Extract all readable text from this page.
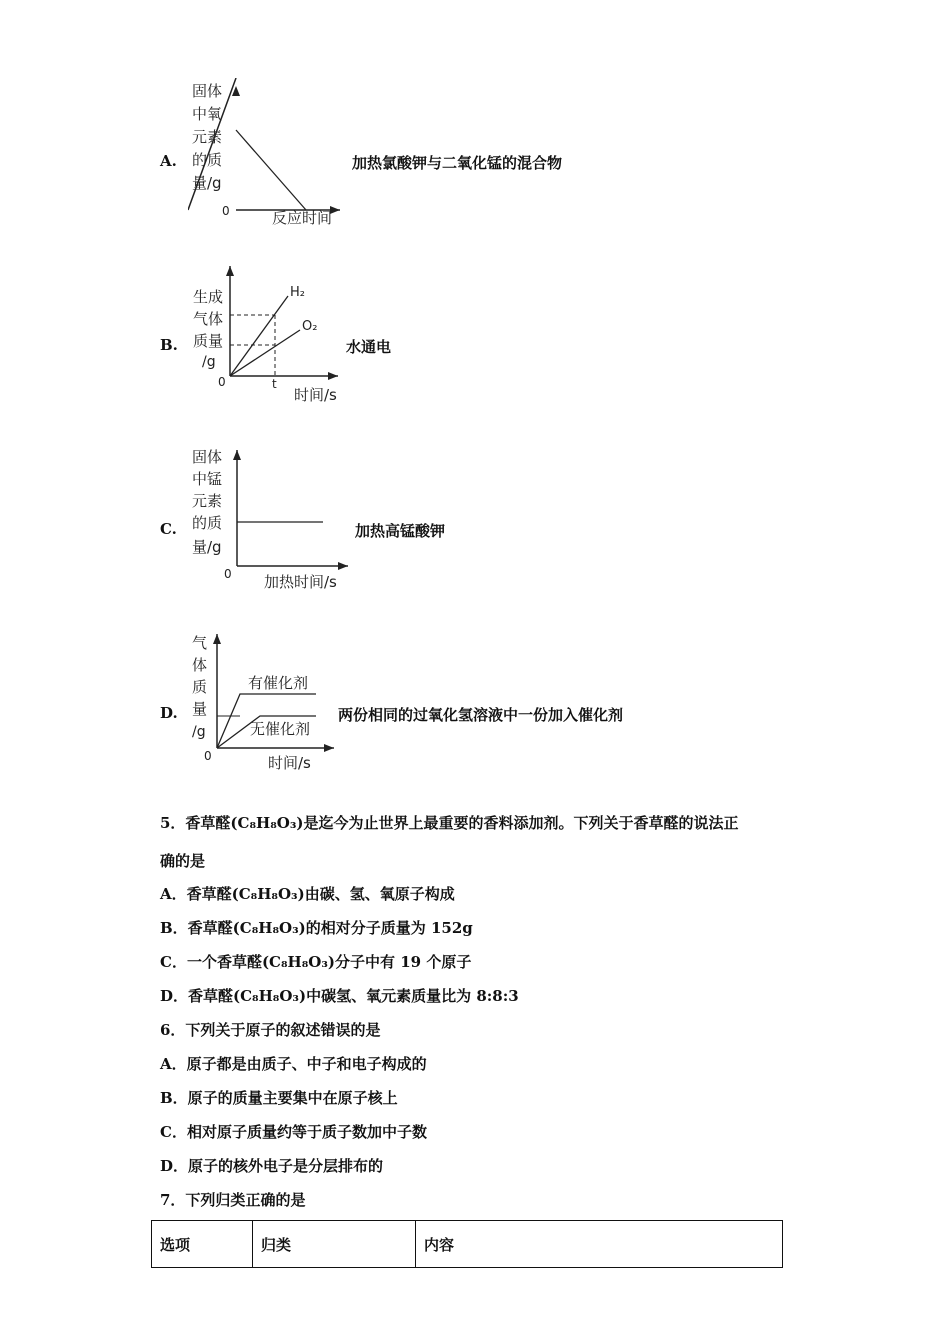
A.
固体
中氧
元素
的质
量/g
0	反应时间
加热氯酸钾与二氧化锰的混合物
B.
生成
气体
质量
/g
0	t
H₂
O₂
时间/s
水通电
C.
固体
中锰
元素
的质
量/g
0 加热时间/s
加热高锰酸钾
D.
气
体
质
量
/g
0
有催化剂
无催化剂
时间/s
两份相同的过氧化氢溶液中一份加入催化剂
5．香草醛(C₈H₈O₃)是迄今为止世界上最重要的香料添加剂。下列关于香草醛的说法正
确的是
A．香草醛(C₈H₈O₃)由碳、氢、氧原子构成
B．香草醛(C₈H₈O₃)的相对分子质量为 152g
C．一个香草醛(C₈H₈O₃)分子中有 19 个原子
D．香草醛(C₈H₈O₃)中碳氢、氧元素质量比为 8:8:3
6．下列关于原子的叙述错误的是
A．原子都是由质子、中子和电子构成的
B．原子的质量主要集中在原子核上
C．相对原子质量约等于质子数加中子数
D．原子的核外电子是分层排布的
7．下列归类正确的是
选项	归类	内容
